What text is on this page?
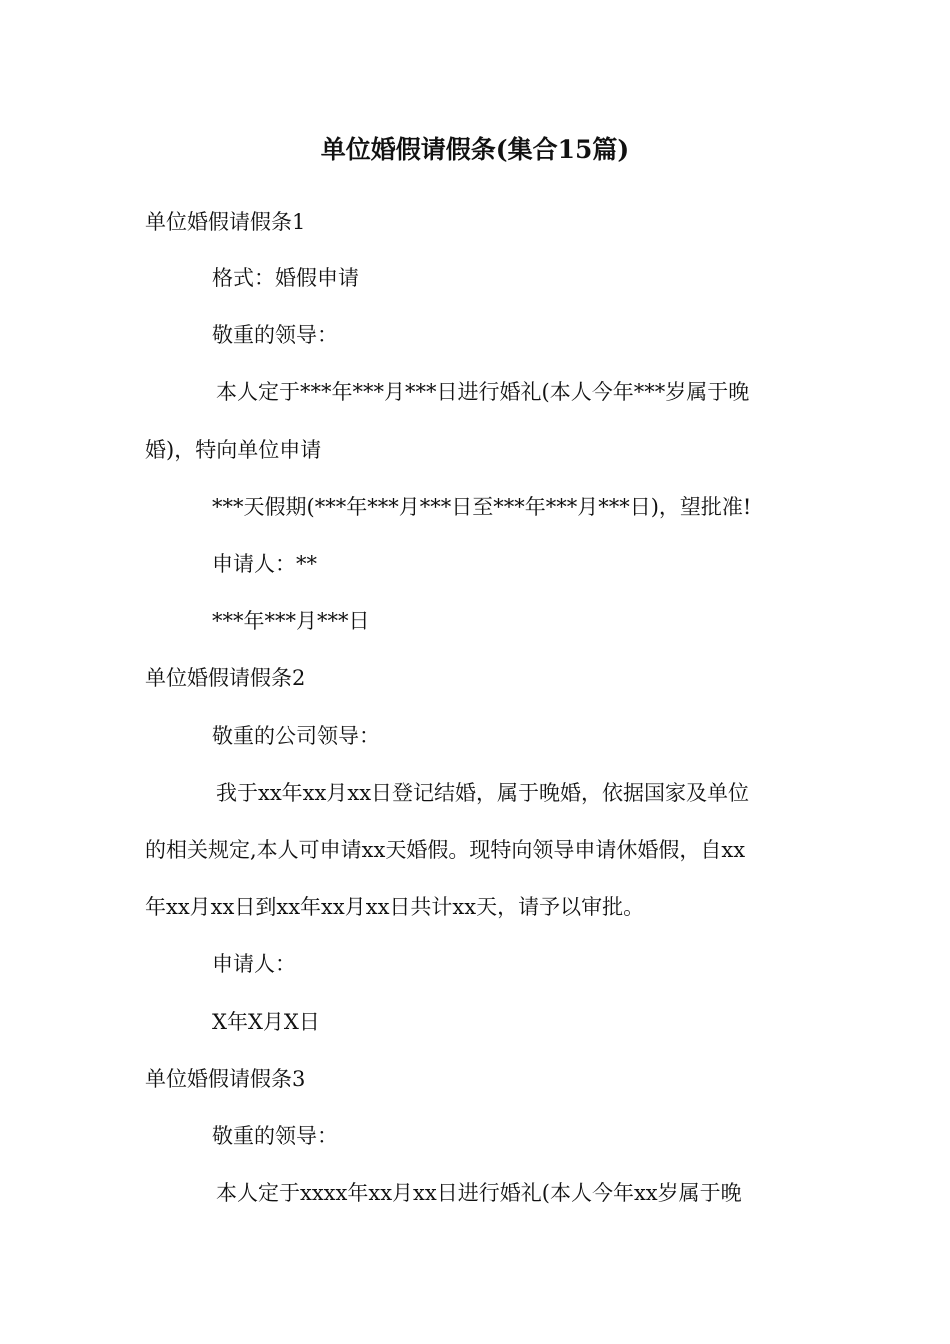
单位婚假请假条(集合15篇)
单位婚假请假条1
格式：婚假申请
敬重的领导：
本人定于***年***月***日进行婚礼(本人今年***岁属于晚
婚)，特向单位申请
***天假期(***年***月***日至***年***月***日)，望批准!
申请人：**
***年***月***日
单位婚假请假条2
敬重的公司领导：
我于xx年xx月xx日登记结婚，属于晚婚，依据国家及单位
的相关规定,本人可申请xx天婚假。现特向领导申请休婚假，自xx
年xx月xx日到xx年xx月xx日共计xx天，请予以审批。
申请人：
X年X月X日
单位婚假请假条3
敬重的领导：
本人定于xxxx年xx月xx日进行婚礼(本人今年xx岁属于晚
